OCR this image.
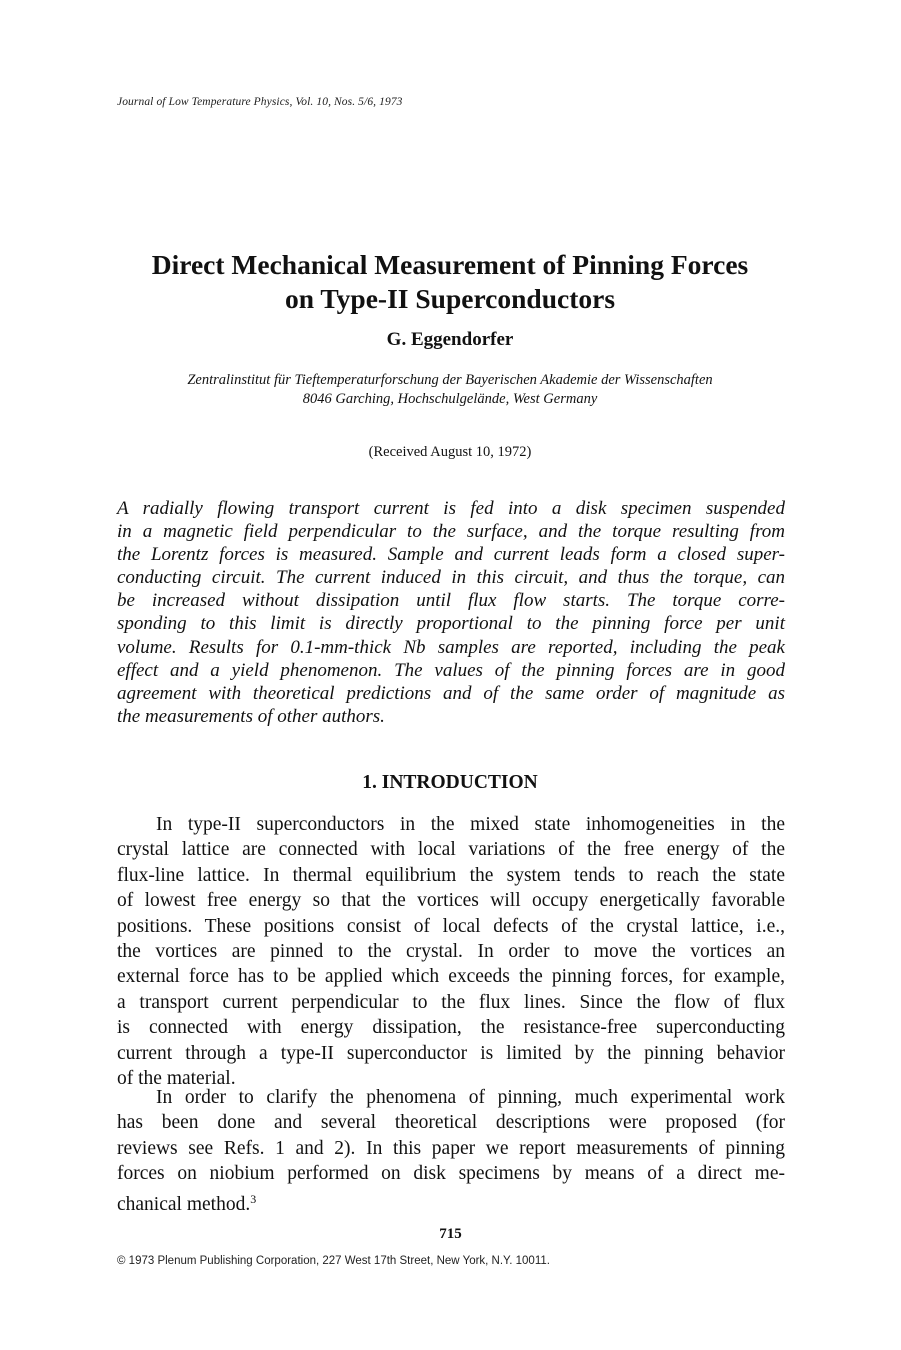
Journal of Low Temperature Physics, Vol. 10, Nos. 5/6, 1973
Direct Mechanical Measurement of Pinning Forces
on Type-II Superconductors
G. Eggendorfer
Zentralinstitut für Tieftemperaturforschung der Bayerischen Akademie der Wissenschaften
8046 Garching, Hochschulgelände, West Germany
(Received August 10, 1972)
A radially flowing transport current is fed into a disk specimen suspended
in a magnetic field perpendicular to the surface, and the torque resulting from
the Lorentz forces is measured. Sample and current leads form a closed super-
conducting circuit. The current induced in this circuit, and thus the torque, can
be increased without dissipation until flux flow starts. The torque corre-
sponding to this limit is directly proportional to the pinning force per unit
volume. Results for 0.1-mm-thick Nb samples are reported, including the peak
effect and a yield phenomenon. The values of the pinning forces are in good
agreement with theoretical predictions and of the same order of magnitude as
the measurements of other authors.
1. INTRODUCTION
In type-II superconductors in the mixed state inhomogeneities in the
crystal lattice are connected with local variations of the free energy of the
flux-line lattice. In thermal equilibrium the system tends to reach the state
of lowest free energy so that the vortices will occupy energetically favorable
positions. These positions consist of local defects of the crystal lattice, i.e.,
the vortices are pinned to the crystal. In order to move the vortices an
external force has to be applied which exceeds the pinning forces, for example,
a transport current perpendicular to the flux lines. Since the flow of flux
is connected with energy dissipation, the resistance-free superconducting
current through a type-II superconductor is limited by the pinning behavior
of the material.
In order to clarify the phenomena of pinning, much experimental work
has been done and several theoretical descriptions were proposed (for
reviews see Refs. 1 and 2). In this paper we report measurements of pinning
forces on niobium performed on disk specimens by means of a direct me-
chanical method.$^3$
715
© 1973 Plenum Publishing Corporation, 227 West 17th Street, New York, N.Y. 10011.
